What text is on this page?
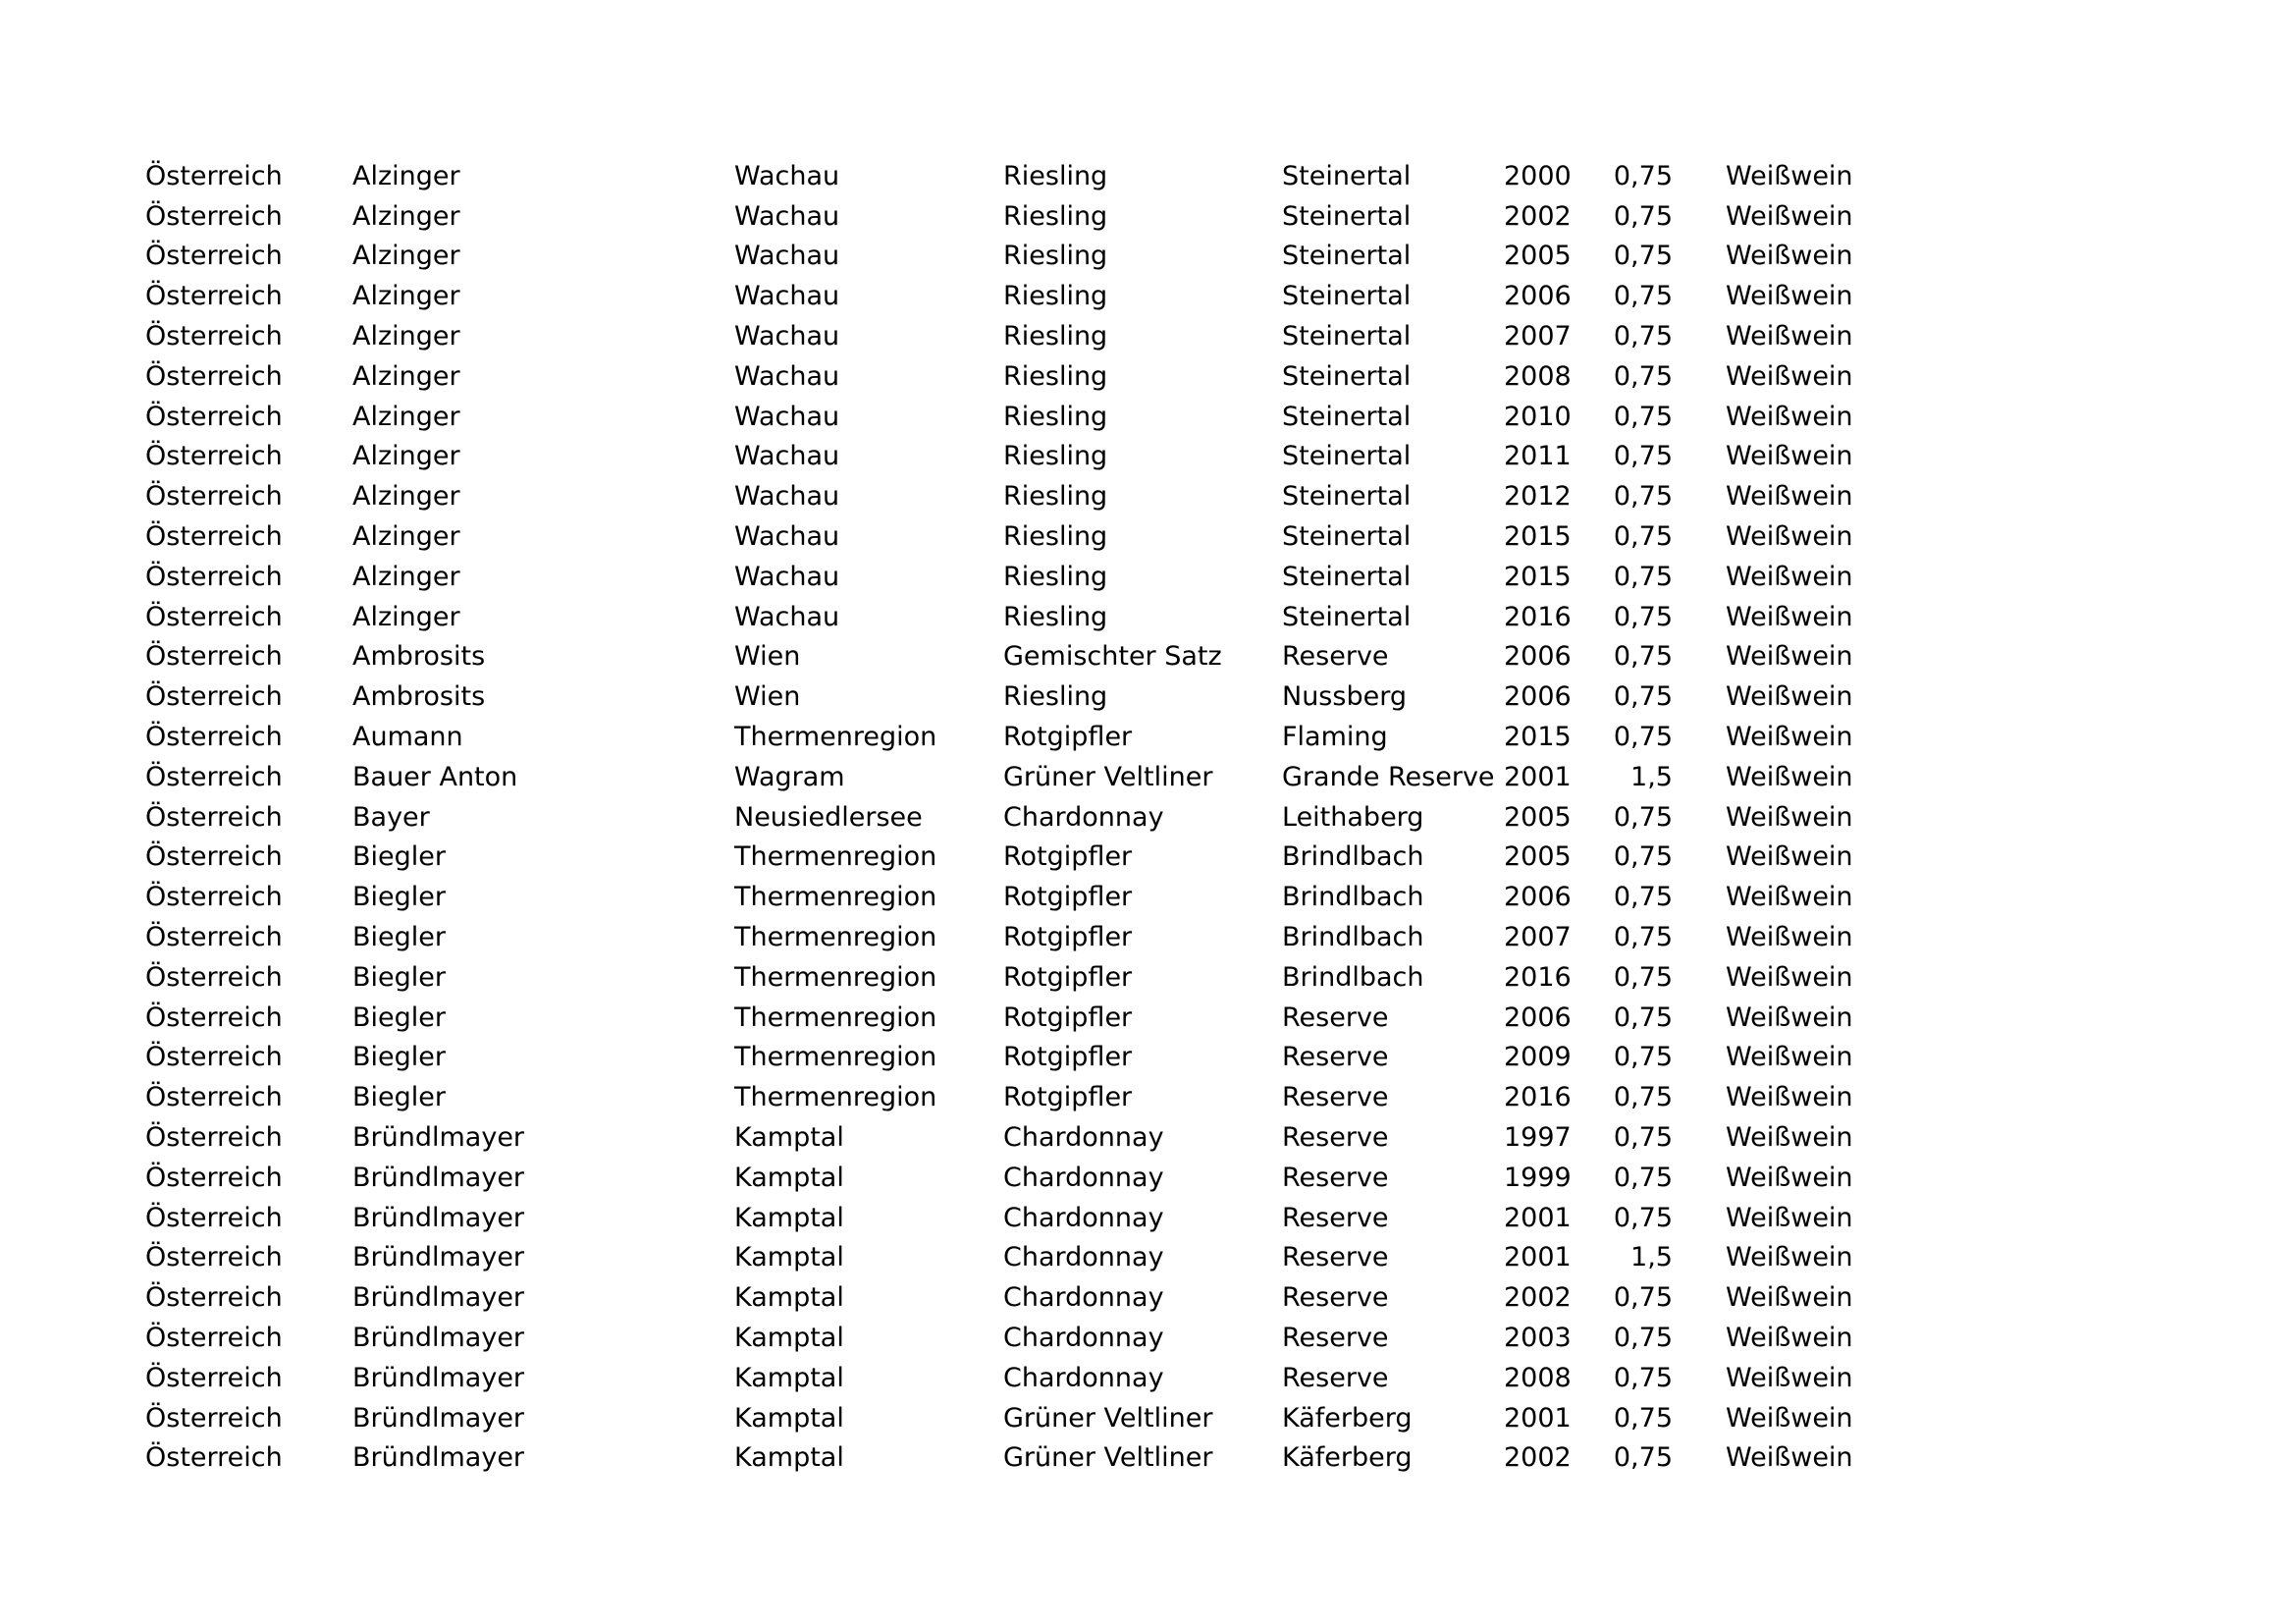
Österreich	Alzinger	Wachau	Riesling	Steinertal	2000	0,75		Weißwein
Österreich	Alzinger	Wachau	Riesling	Steinertal	2002	0,75		Weißwein
Österreich	Alzinger	Wachau	Riesling	Steinertal	2005	0,75		Weißwein
Österreich	Alzinger	Wachau	Riesling	Steinertal	2006	0,75		Weißwein
Österreich	Alzinger	Wachau	Riesling	Steinertal	2007	0,75		Weißwein
Österreich	Alzinger	Wachau	Riesling	Steinertal	2008	0,75		Weißwein
Österreich	Alzinger	Wachau	Riesling	Steinertal	2010	0,75		Weißwein
Österreich	Alzinger	Wachau	Riesling	Steinertal	2011	0,75		Weißwein
Österreich	Alzinger	Wachau	Riesling	Steinertal	2012	0,75		Weißwein
Österreich	Alzinger	Wachau	Riesling	Steinertal	2015	0,75		Weißwein
Österreich	Alzinger	Wachau	Riesling	Steinertal	2015	0,75		Weißwein
Österreich	Alzinger	Wachau	Riesling	Steinertal	2016	0,75		Weißwein
Österreich	Ambrosits	Wien	Gemischter Satz	Reserve	2006	0,75		Weißwein
Österreich	Ambrosits	Wien	Riesling	Nussberg	2006	0,75		Weißwein
Österreich	Aumann	Thermenregion	Rotgipfler	Flaming	2015	0,75		Weißwein
Österreich	Bauer Anton	Wagram	Grüner Veltliner	Grande Reserve	2001	1,5		Weißwein
Österreich	Bayer	Neusiedlersee	Chardonnay	Leithaberg	2005	0,75		Weißwein
Österreich	Biegler	Thermenregion	Rotgipfler	Brindlbach	2005	0,75		Weißwein
Österreich	Biegler	Thermenregion	Rotgipfler	Brindlbach	2006	0,75		Weißwein
Österreich	Biegler	Thermenregion	Rotgipfler	Brindlbach	2007	0,75		Weißwein
Österreich	Biegler	Thermenregion	Rotgipfler	Brindlbach	2016	0,75		Weißwein
Österreich	Biegler	Thermenregion	Rotgipfler	Reserve	2006	0,75		Weißwein
Österreich	Biegler	Thermenregion	Rotgipfler	Reserve	2009	0,75		Weißwein
Österreich	Biegler	Thermenregion	Rotgipfler	Reserve	2016	0,75		Weißwein
Österreich	Bründlmayer	Kamptal	Chardonnay	Reserve	1997	0,75		Weißwein
Österreich	Bründlmayer	Kamptal	Chardonnay	Reserve	1999	0,75		Weißwein
Österreich	Bründlmayer	Kamptal	Chardonnay	Reserve	2001	0,75		Weißwein
Österreich	Bründlmayer	Kamptal	Chardonnay	Reserve	2001	1,5		Weißwein
Österreich	Bründlmayer	Kamptal	Chardonnay	Reserve	2002	0,75		Weißwein
Österreich	Bründlmayer	Kamptal	Chardonnay	Reserve	2003	0,75		Weißwein
Österreich	Bründlmayer	Kamptal	Chardonnay	Reserve	2008	0,75		Weißwein
Österreich	Bründlmayer	Kamptal	Grüner Veltliner	Käferberg	2001	0,75		Weißwein
Österreich	Bründlmayer	Kamptal	Grüner Veltliner	Käferberg	2002	0,75		Weißwein
